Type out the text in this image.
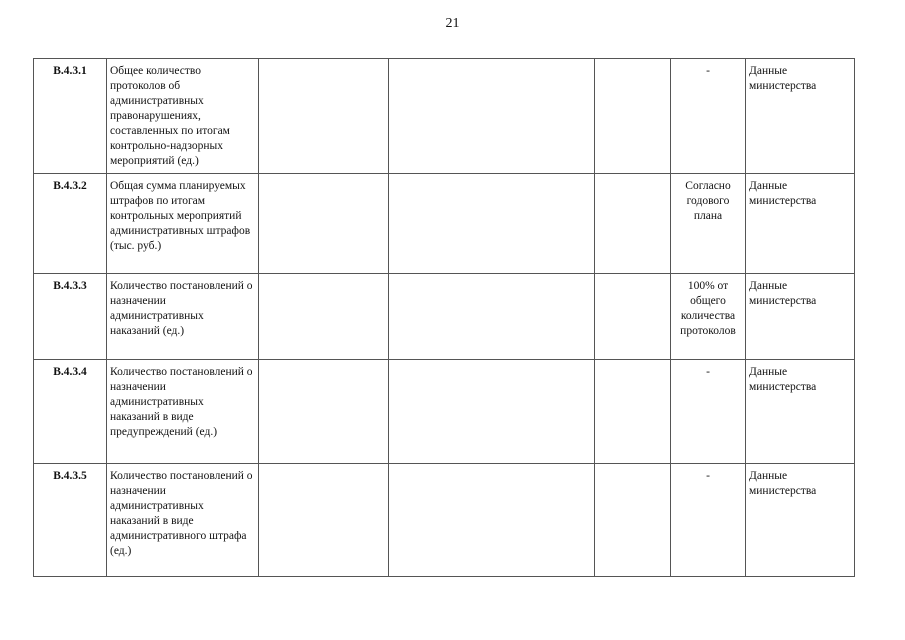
21
В.4.3.1	Общее количество протоколов об административных правонарушениях, составленных по итогам контрольно-надзорных мероприятий (ед.)				-	Данные министерства
В.4.3.2	Общая сумма планируемых штрафов по итогам контрольных мероприятий административных штрафов (тыс. руб.)				Согласно годового плана	Данные министерства
В.4.3.3	Количество постановлений о назначении административных наказаний (ед.)				100% от общего количества протоколов	Данные министерства
В.4.3.4	Количество постановлений о назначении административных наказаний в виде предупреждений (ед.)				-	Данные министерства
В.4.3.5	Количество постановлений о назначении административных наказаний в виде административного штрафа (ед.)				-	Данные министерства
